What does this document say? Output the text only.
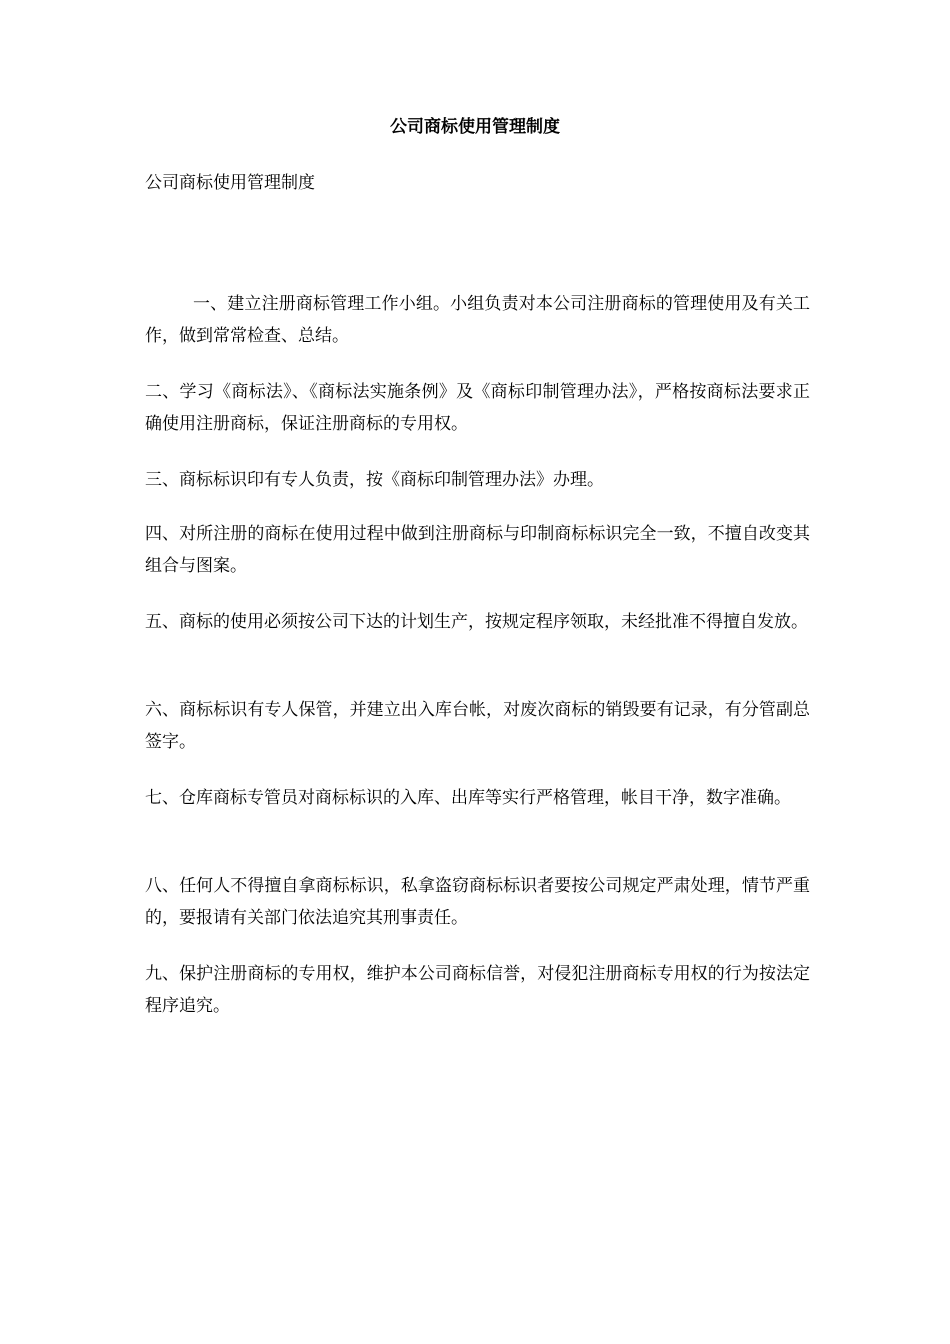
公司商标使用管理制度

公司商标使用管理制度

一、建立注册商标管理工作小组。小组负责对本公司注册商标的管理使用及有关工作，做到常常检查、总结。

二、学习《商标法》、《商标法实施条例》及《商标印制管理办法》，严格按商标法要求正确使用注册商标，保证注册商标的专用权。

三、商标标识印有专人负责，按《商标印制管理办法》办理。

四、对所注册的商标在使用过程中做到注册商标与印制商标标识完全一致，不擅自改变其组合与图案。

五、商标的使用必须按公司下达的计划生产，按规定程序领取，未经批准不得擅自发放。

六、商标标识有专人保管，并建立出入库台帐，对废次商标的销毁要有记录，有分管副总签字。

七、仓库商标专管员对商标标识的入库、出库等实行严格管理，帐目干净，数字准确。

八、任何人不得擅自拿商标标识，私拿盗窃商标标识者要按公司规定严肃处理，情节严重的，要报请有关部门依法追究其刑事责任。

九、保护注册商标的专用权，维护本公司商标信誉，对侵犯注册商标专用权的行为按法定程序追究。
